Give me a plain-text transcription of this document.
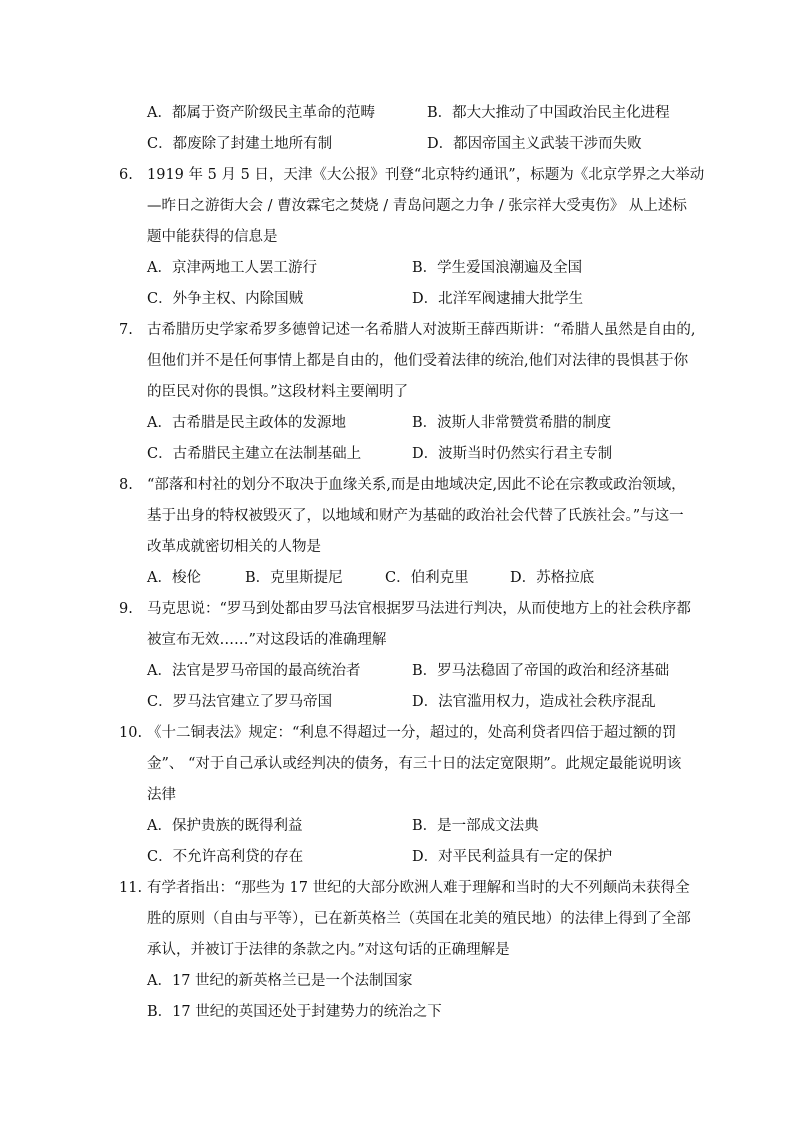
A．都属于资产阶级民主革命的范畴	B．都大大推动了中国政治民主化进程
C．都废除了封建土地所有制	D．都因帝国主义武装干涉而失败
6. 1919 年 5 月 5 日，天津《大公报》刊登“北京特约通讯”，标题为《北京学界之大举动
—昨日之游街大会 / 曹汝霖宅之焚烧 / 青岛问题之力争 / 张宗祥大受夷伤》 从上述标
题中能获得的信息是
A．京津两地工人罢工游行	B．学生爱国浪潮遍及全国
C．外争主权、内除国贼	D．北洋军阀逮捕大批学生
7. 古希腊历史学家希罗多德曾记述一名希腊人对波斯王薛西斯讲：“希腊人虽然是自由的,
但他们并不是任何事情上都是自由的，他们受着法律的统治,他们对法律的畏惧甚于你
的臣民对你的畏惧。”这段材料主要阐明了
A．古希腊是民主政体的发源地	B．波斯人非常赞赏希腊的制度
C．古希腊民主建立在法制基础上	D．波斯当时仍然实行君主专制
8. “部落和村社的划分不取决于血缘关系,而是由地域决定,因此不论在宗教或政治领域，
基于出身的特权被毁灭了，以地域和财产为基础的政治社会代替了氏族社会。”与这一
改革成就密切相关的人物是
A．梭伦	B．克里斯提尼	C．伯利克里	D．苏格拉底
9. 马克思说：“罗马到处都由罗马法官根据罗马法进行判决，从而使地方上的社会秩序都
被宣布无效……”对这段话的准确理解
A．法官是罗马帝国的最高统治者	B．罗马法稳固了帝国的政治和经济基础
C．罗马法官建立了罗马帝国	D．法官滥用权力，造成社会秩序混乱
10. 《十二铜表法》规定：“利息不得超过一分，超过的，处高利贷者四倍于超过额的罚
金”、 “对于自己承认或经判决的债务，有三十日的法定宽限期”。此规定最能说明该
法律
A．保护贵族的既得利益	B．是一部成文法典
C．不允许高利贷的存在	D．对平民利益具有一定的保护
11. 有学者指出：“那些为 17 世纪的大部分欧洲人难于理解和当时的大不列颠尚未获得全
胜的原则（自由与平等），已在新英格兰（英国在北美的殖民地）的法律上得到了全部
承认，并被订于法律的条款之内。”对这句话的正确理解是
A．17 世纪的新英格兰已是一个法制国家
B．17 世纪的英国还处于封建势力的统治之下
